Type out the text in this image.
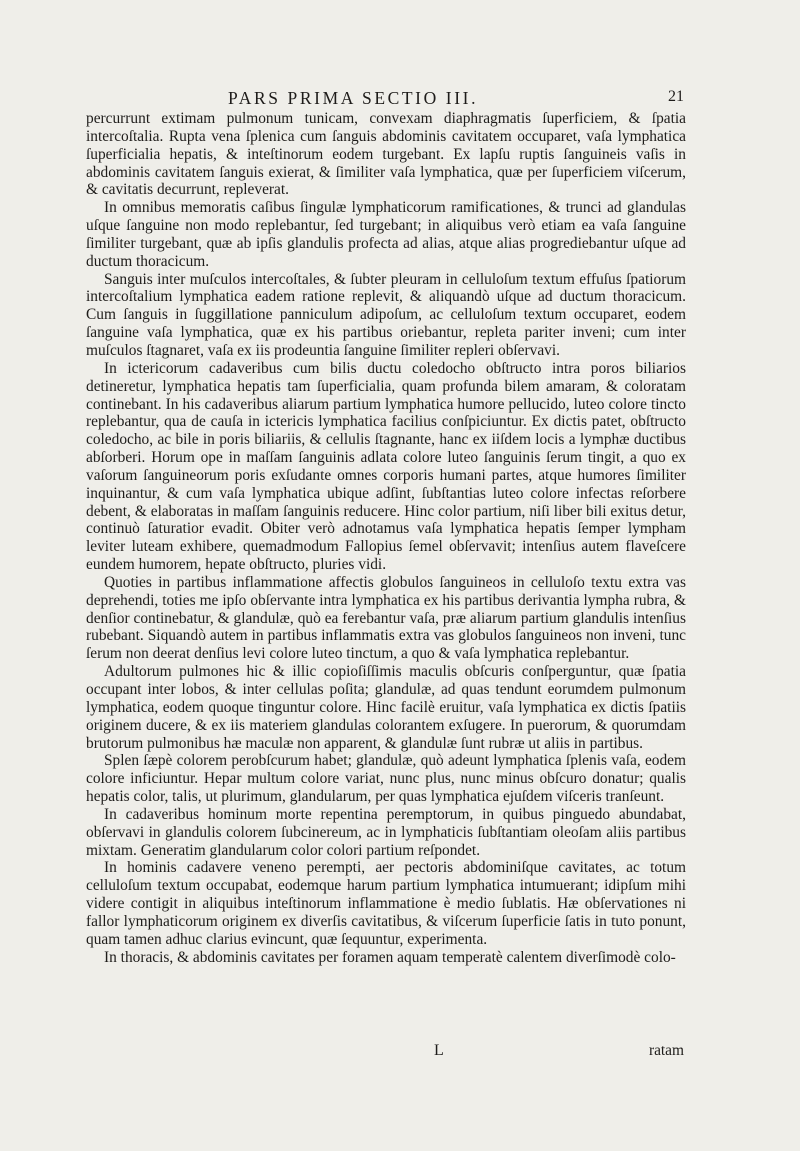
PARS PRIMA SECTIO III.	21

percurrunt extimam pulmonum tunicam, convexam diaphragmatis ſuperficiem, & ſpatia intercoſtalia. Rupta vena ſplenica cum ſanguis abdominis cavitatem occuparet, vaſa lymphatica ſuperficialia hepatis, & inteſtinorum eodem turgebant. Ex lapſu ruptis ſanguineis vaſis in abdominis cavitatem ſanguis exierat, & ſimiliter vaſa lymphatica, quæ per ſuperficiem viſcerum, & cavitatis decurrunt, repleverat.

In omnibus memoratis caſibus ſingulæ lymphaticorum ramificationes, & trunci ad glandulas uſque ſanguine non modo replebantur, ſed turgebant; in aliquibus verò etiam ea vaſa ſanguine ſimiliter turgebant, quæ ab ipſis glandulis profecta ad alias, atque alias progrediebantur uſque ad ductum thoracicum.

Sanguis inter muſculos intercoſtales, & ſubter pleuram in celluloſum textum effuſus ſpatiorum intercoſtalium lymphatica eadem ratione replevit, & aliquandò uſque ad ductum thoracicum. Cum ſanguis in ſuggillatione panniculum adipoſum, ac celluloſum textum occuparet, eodem ſanguine vaſa lymphatica, quæ ex his partibus oriebantur, repleta pariter inveni; cum inter muſculos ſtagnaret, vaſa ex iis prodeuntia ſanguine ſimiliter repleri obſervavi.

In ictericorum cadaveribus cum bilis ductu coledocho obſtructo intra poros biliarios detineretur, lymphatica hepatis tam ſuperficialia, quam profunda bilem amaram, & coloratam continebant. In his cadaveribus aliarum partium lymphatica humore pellucido, luteo colore tincto replebantur, qua de cauſa in ictericis lymphatica facilius conſpiciuntur. Ex dictis patet, obſtructo coledocho, ac bile in poris biliariis, & cellulis ſtagnante, hanc ex iiſdem locis a lymphæ ductibus abſorberi. Horum ope in maſſam ſanguinis adlata colore luteo ſanguinis ſerum tingit, a quo ex vaſorum ſanguineorum poris exſudante omnes corporis humani partes, atque humores ſimiliter inquinantur, & cum vaſa lymphatica ubique adſint, ſubſtantias luteo colore infectas reſorbere debent, & elaboratas in maſſam ſanguinis reducere. Hinc color partium, niſi liber bili exitus detur, continuò ſaturatior evadit. Obiter verò adnotamus vaſa lymphatica hepatis ſemper lympham leviter luteam exhibere, quemadmodum Fallopius ſemel obſervavit; intenſius autem flaveſcere eundem humorem, hepate obſtructo, pluries vidi.

Quoties in partibus inflammatione affectis globulos ſanguineos in celluloſo textu extra vas deprehendi, toties me ipſo obſervante intra lymphatica ex his partibus derivantia lympha rubra, & denſior continebatur, & glandulæ, quò ea ferebantur vaſa, præ aliarum partium glandulis intenſius rubebant. Siquandò autem in partibus inflammatis extra vas globulos ſanguineos non inveni, tunc ſerum non deerat denſius levi colore luteo tinctum, a quo & vaſa lymphatica replebantur.

Adultorum pulmones hic & illic copioſiſſimis maculis obſcuris conſperguntur, quæ ſpatia occupant inter lobos, & inter cellulas poſita; glandulæ, ad quas tendunt eorumdem pulmonum lymphatica, eodem quoque tinguntur colore. Hinc facilè eruitur, vaſa lymphatica ex dictis ſpatiis originem ducere, & ex iis materiem glandulas colorantem exſugere. In puerorum, & quorumdam brutorum pulmonibus hæ maculæ non apparent, & glandulæ ſunt rubræ ut aliis in partibus.

Splen ſæpè colorem perobſcurum habet; glandulæ, quò adeunt lymphatica ſplenis vaſa, eodem colore inficiuntur. Hepar multum colore variat, nunc plus, nunc minus obſcuro donatur; qualis hepatis color, talis, ut plurimum, glandularum, per quas lymphatica ejuſdem viſceris tranſeunt.

In cadaveribus hominum morte repentina peremptorum, in quibus pinguedo abundabat, obſervavi in glandulis colorem ſubcinereum, ac in lymphaticis ſubſtantiam oleoſam aliis partibus mixtam. Generatim glandularum color colori partium reſpondet.

In hominis cadavere veneno perempti, aer pectoris abdominiſque cavitates, ac totum celluloſum textum occupabat, eodemque harum partium lymphatica intumuerant; idipſum mihi videre contigit in aliquibus inteſtinorum inflammatione è medio ſublatis. Hæ obſervationes ni fallor lymphaticorum originem ex diverſis cavitatibus, & viſcerum ſuperficie ſatis in tuto ponunt, quam tamen adhuc clarius evincunt, quæ ſequuntur, experimenta.

In thoracis, & abdominis cavitates per foramen aquam temperatè calentem diverſimodè colo-

L	ratam
